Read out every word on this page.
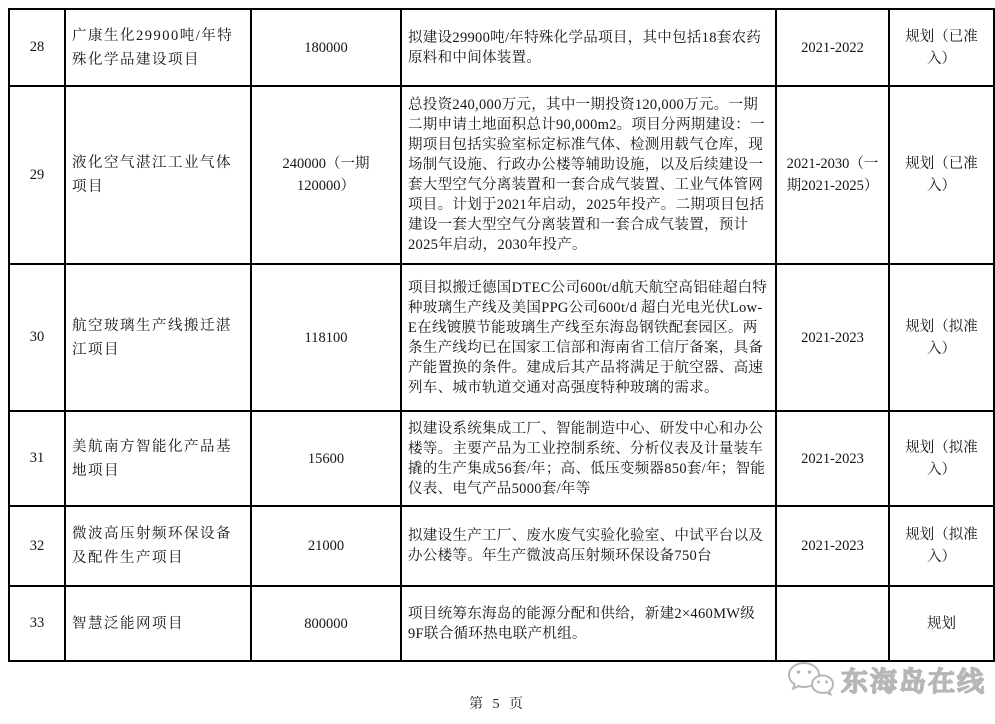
28	广康生化29900吨/年特殊化学品建设项目	180000	拟建设29900吨/年特殊化学品项目，其中包括18套农药原料和中间体装置。	2021-2022	规划（已准入）
29	液化空气湛江工业气体项目	240000（一期 120000）	总投资240,000万元，其中一期投资120,000万元。一期二期申请土地面积总计90,000m2。项目分两期建设：一期项目包括实验室标定标准气体、检测用载气仓库，现场制气设施、行政办公楼等辅助设施，以及后续建设一套大型空气分离装置和一套合成气装置、工业气体管网项目。计划于2021年启动，2025年投产。二期项目包括建设一套大型空气分离装置和一套合成气装置，预计2025年启动，2030年投产。	2021-2030（一期2021-2025）	规划（已准入）
30	航空玻璃生产线搬迁湛江项目	118100	项目拟搬迁德国DTEC公司600t/d航天航空高铝硅超白特种玻璃生产线及美国PPG公司600t/d 超白光电光伏Low-E在线镀膜节能玻璃生产线至东海岛钢铁配套园区。两条生产线均已在国家工信部和海南省工信厅备案，具备产能置换的条件。建成后其产品将满足于航空器、高速列车、城市轨道交通对高强度特种玻璃的需求。	2021-2023	规划（拟准入）
31	美航南方智能化产品基地项目	15600	拟建设系统集成工厂、智能制造中心、研发中心和办公楼等。主要产品为工业控制系统、分析仪表及计量装车撬的生产集成56套/年；高、低压变频器850套/年；智能仪表、电气产品5000套/年等	2021-2023	规划（拟准入）
32	微波高压射频环保设备及配件生产项目	21000	拟建设生产工厂、废水废气实验化验室、中试平台以及办公楼等。年生产微波高压射频环保设备750台	2021-2023	规划（拟准入）
33	智慧泛能网项目	800000	项目统筹东海岛的能源分配和供给，新建2×460MW级9F联合循环热电联产机组。		规划
东海岛在线
第 5 页
